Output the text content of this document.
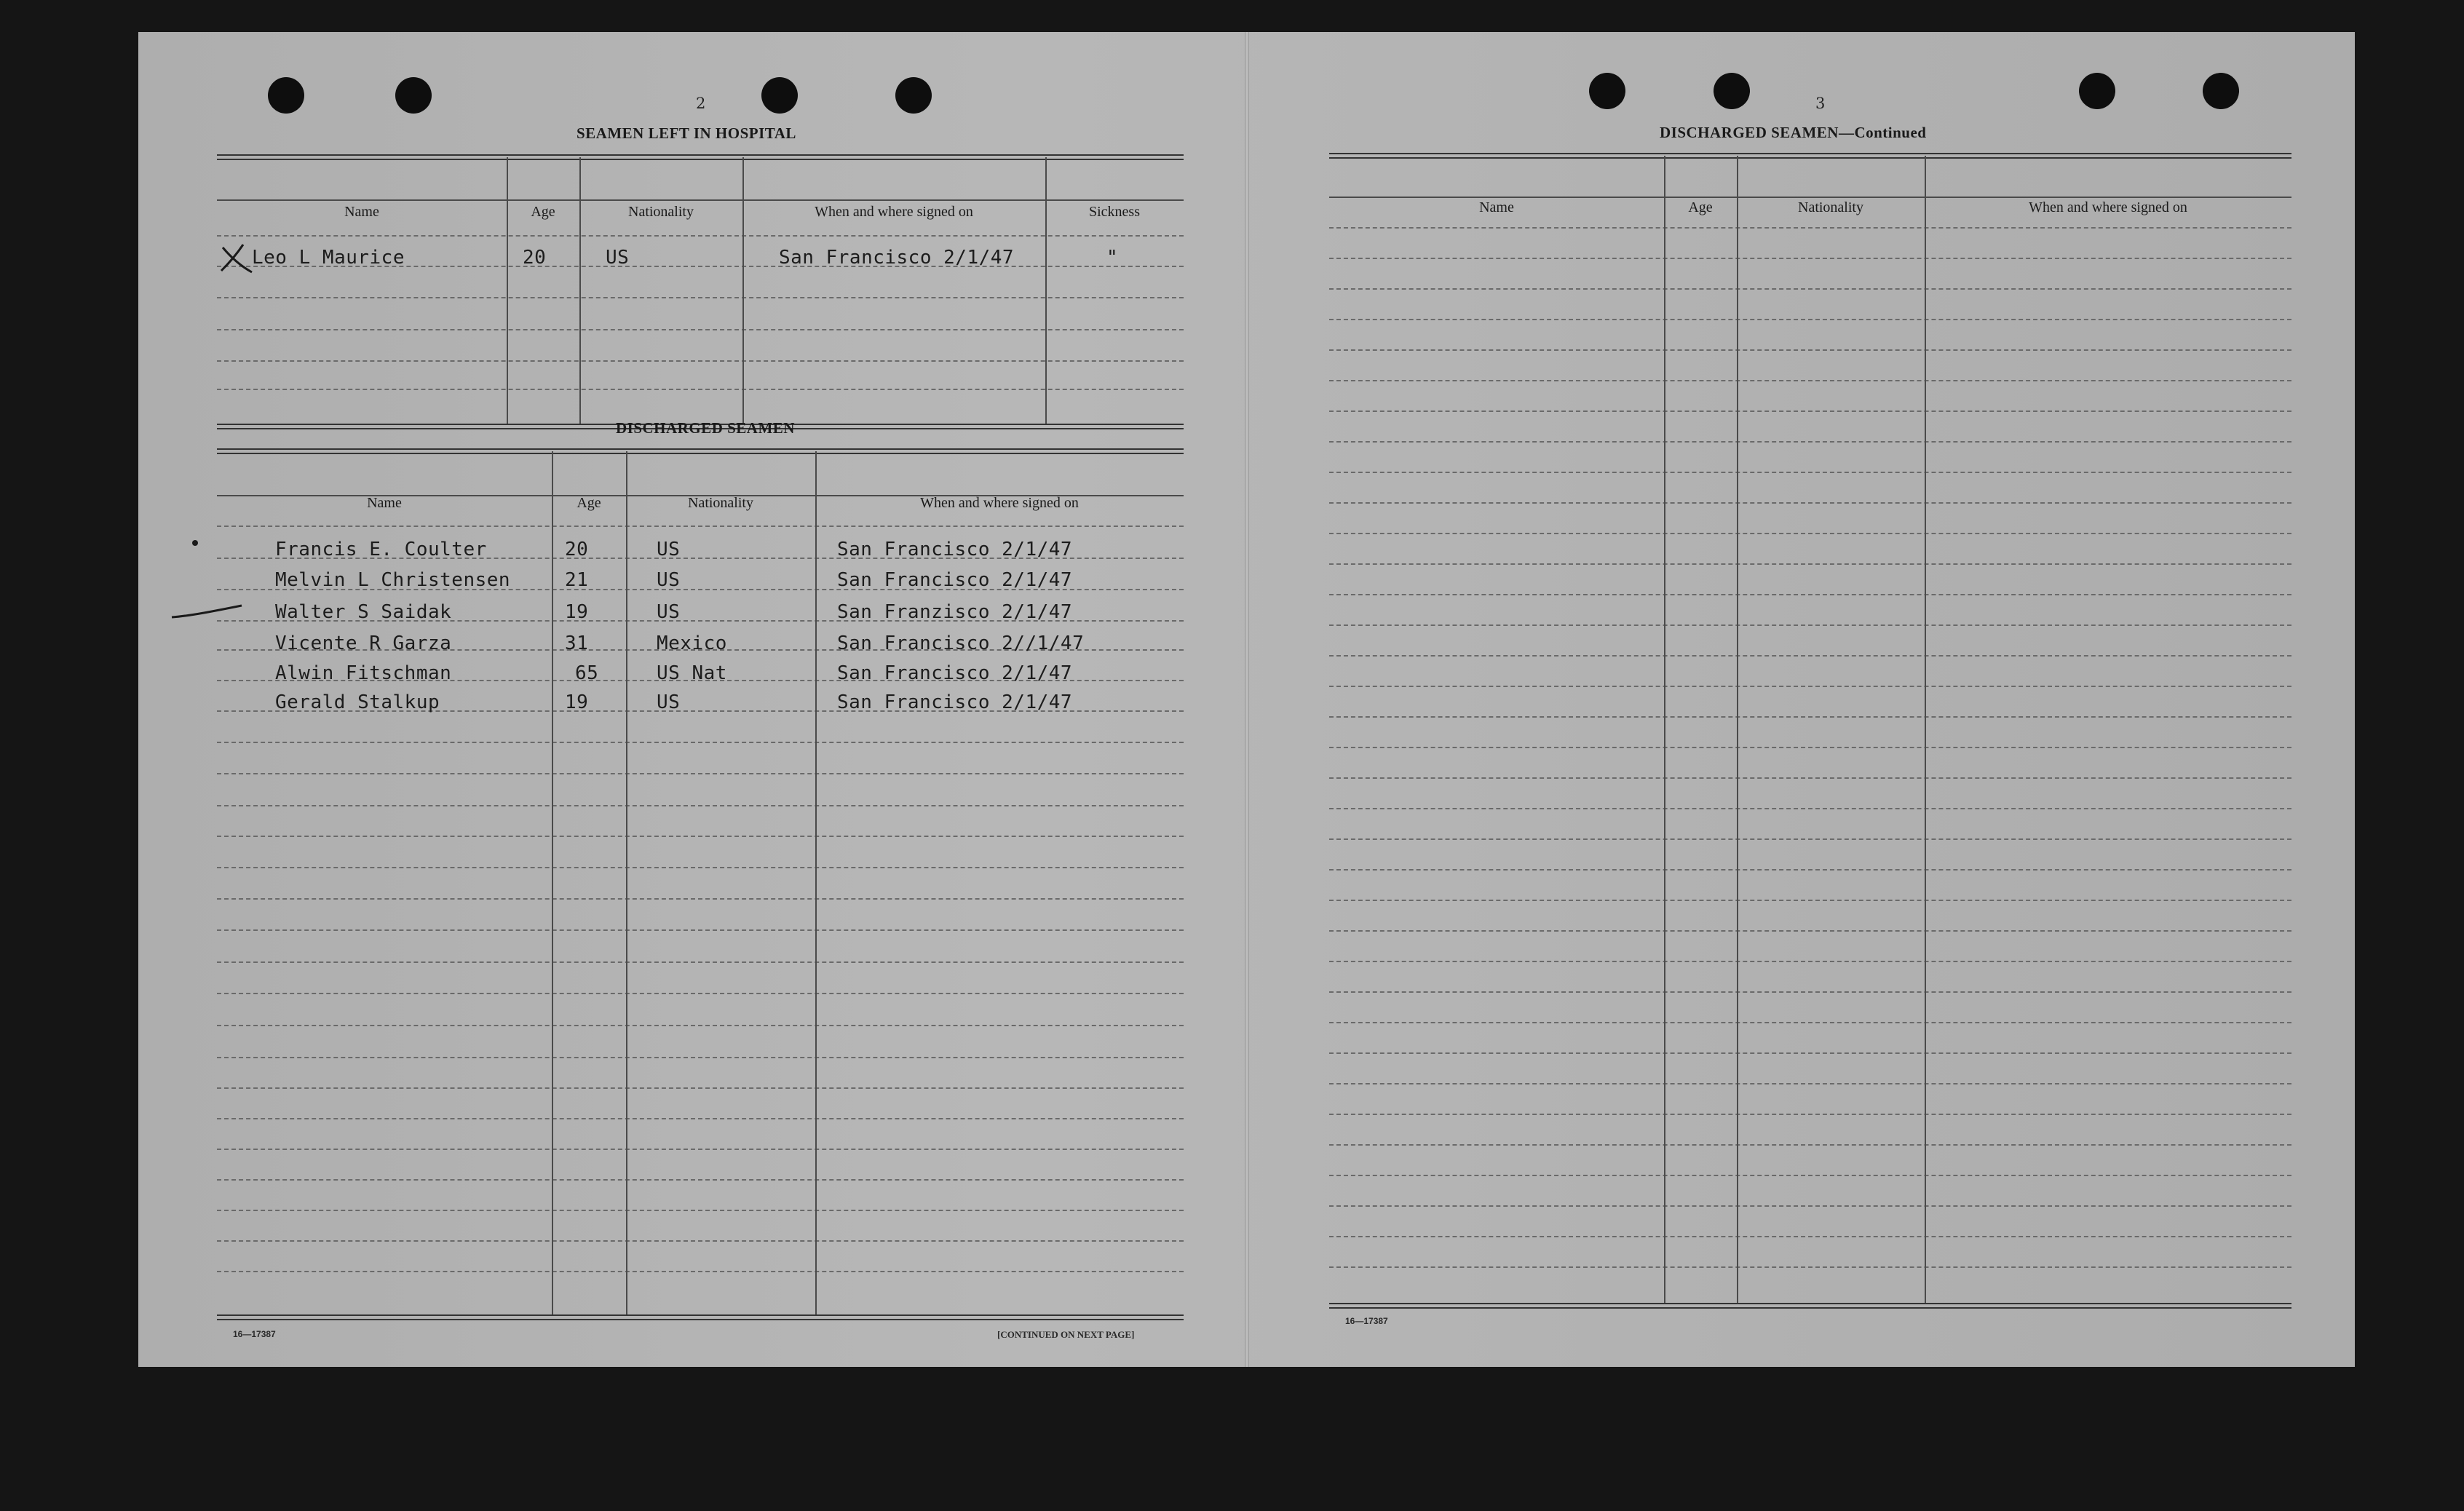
2
SEAMEN LEFT IN HOSPITAL
Name	Age	Nationality	When and where signed on	Sickness
Leo L Maurice	20	US	San Francisco 2/1/47	"
DISCHARGED SEAMEN
Name	Age	Nationality	When and where signed on
Francis E. Coulter	20	US	San Francisco 2/1/47
Melvin L Christensen	21	US	San Francisco 2/1/47
Walter S Saidak	19	US	San Franzisco 2/1/47
Vicente R Garza	31	Mexico	San Francisco 2//1/47
Alwin Fitschman	65	US Nat	San Francisco 2/1/47
Gerald Stalkup	19	US	San Francisco 2/1/47
16—17387	[CONTINUED ON NEXT PAGE]
3
DISCHARGED SEAMEN—Continued
Name	Age	Nationality	When and where signed on
16—17387
